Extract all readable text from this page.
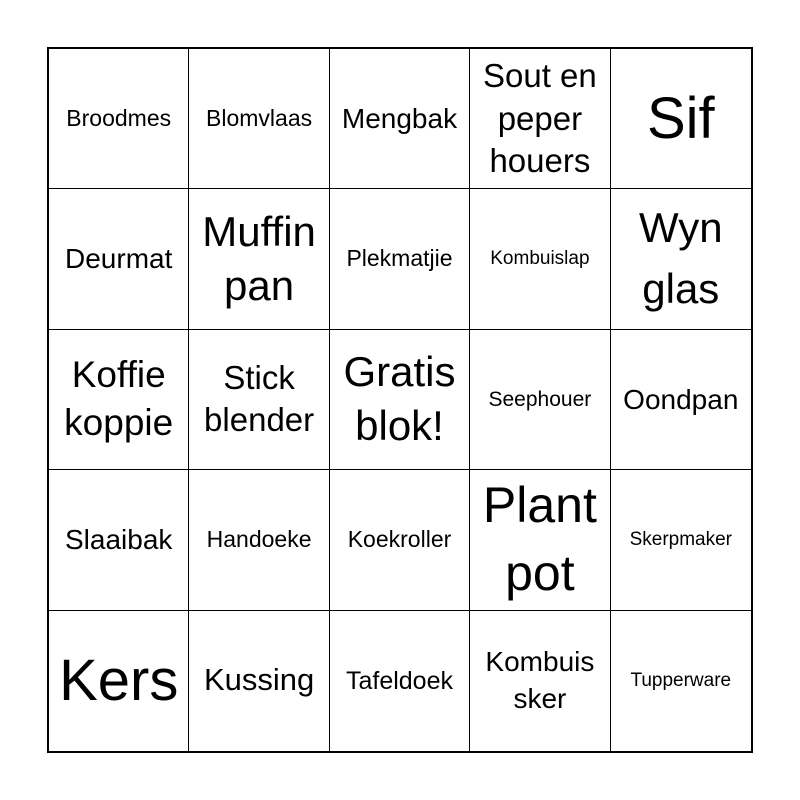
Broodmes Blomvlaas Mengbak
Sout en peper houers
Sif
Deurmat
Muffin pan
Plekmatjie Kombuislap
Wyn glas
Koffie koppie
Stick blender
Gratis blok!
Seephouer Oondpan
Slaaibak Handoeke Koekroller
Plant pot
Skerpmaker
Kers Kussing Tafeldoek
Kombuis sker
Tupperware
